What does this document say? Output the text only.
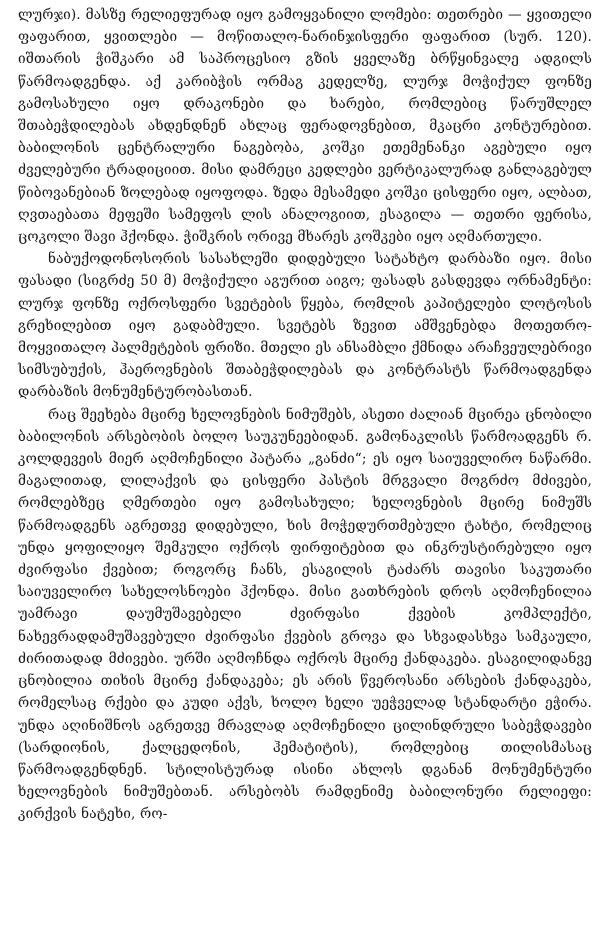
ლურჯი). მასზე რელიეფურად იყო გამოყვანილი ლომები: თეთრები — ყვითელი ფაფარით, ყვითლები — მოწითალო-ნარინჯისფერი ფაფარით (სურ. 120). იშთარის ჭიშკარი ამ საპროცესიო გზის ყველაზე ბრწყინვალე ადგილს წარმოადგენდა. აქ კარიბჭის ორმაგ კედელზე, ლურჯ მოჭიქულ ფონზე გამოსახული იყო დრაკონები და ხარები, რომლებიც წარუშლელ შთაბეჭდილებას ახდენდნენ ახლაც ფერადოვნებით, მკაცრი კონტურებით. ბაბილონის ცენტრალური ნაგებობა, კოშკი ეთემენანკი აგებული იყო ძველებური ტრადიციით. მისი დამრეცი კედლები ვერტიკალურად განლაგებულ წიბოვანებიან ზოლებად იყოფოდა. ზედა მესამედი კოშკი ცისფერი იყო, ალბათ, ღვთაებათა მეფეში სამეფოს ლის ანალოგიით, ესაგილა — თეთრი ფერისა, ცოკოლი შავი ჰქონდა. ჭიშკრის ორივე მხარეს კოშკები იყო აღმართული.

ნაბუქოდონოსორის სასახლეში დიდებული სატახტო დარბაზი იყო. მისი ფასადი (სიგრძე 50 მ) მოჭიქული აგურით აიგო; ფასადს გასდევდა ორნამენტი: ლურჯ ფონზე ოქროსფერი სვეტების წყება, რომლის კაპიტელები ლოტოსის გრეხილებით იყო გადაბმული. სვეტებს ზევით ამშვენებდა მოთეთრო-მოყვითალო პალმეტების ფრიზი. მთელი ეს ანსამბლი ქმნიდა არაჩვეულებრივი სიმსუბუქის, ჰაეროვნების შთაბეჭდილებას და კონტრასტს წარმოადგენდა დარბაზის მონუმენტურობასთან.

რაც შეეხება მცირე ხელოვნების ნიმუშებს, ასეთი ძალიან მცირეა ცნობილი ბაბილონის არსებობის ბოლო საუკუნეებიდან. გამონაკლისს წარმოადგენს რ. კოლდევეის მიერ აღმოჩენილი პატარა „განძი“; ეს იყო საიუველირო ნაწარმი. მაგალითად, ლილაქვის და ცისფერი პასტის მრგვალი მოგრძო მძივები, რომლებზეც ღმერთები იყო გამოსახული; ხელოვნების მცირე ნიმუშს წარმოადგენს აგრეთვე დიდებული, ხის მოჭედურთმებული ტახტი, რომელიც უნდა ყოფილიყო შემკული ოქროს ფირფიტებით და ინკრუსტირებული იყო ძვირფასი ქვებით; როგორც ჩანს, ესაგილის ტაძარს თავისი საკუთარი საიუველირო სახელოსნოები ჰქონდა. მისი გათხრების დროს აღმოჩენილია უამრავი დაუმუშავებელი ძვირფასი ქვების კომპლექტი, ნახევრადდამუშავებული ძვირფასი ქვების გროვა და სხვადასხვა სამკაული, ძირითადად მძივები. ურში აღმოჩნდა ოქროს მცირე ქანდაკება. ესაგილიდანვე ცნობილია თიხის მცირე ქანდაკება; ეს არის წვეროსანი არსების ქანდაკება, რომელსაც რქები და კუდი აქვს, ხოლო ხელი უეჭველად სტანდარტი ეჭირა. უნდა აღინიშნოს აგრეთვე მრავლად აღმოჩენილი ცილინდრული საბეჭდავები (სარდიონის, ქალცედონის, ჰემატიტის), რომლებიც თილისმასაც წარმოადგენდნენ. სტილისტურად ისინი ახლოს დგანან მონუმენტური ხელოვნების ნიმუშებთან. არსებობს რამდენიმე ბაბილონური რელიეფი: კირქვის ნატეხი, რო-
